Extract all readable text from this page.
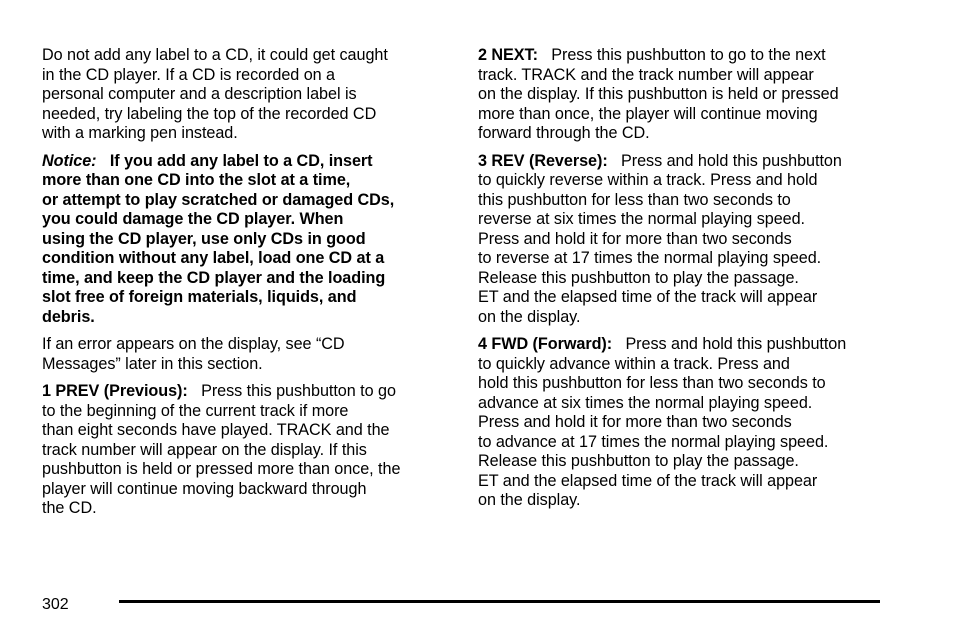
Do not add any label to a CD, it could get caught
in the CD player. If a CD is recorded on a
personal computer and a description label is
needed, try labeling the top of the recorded CD
with a marking pen instead.

Notice: If you add any label to a CD, insert
more than one CD into the slot at a time,
or attempt to play scratched or damaged CDs,
you could damage the CD player. When
using the CD player, use only CDs in good
condition without any label, load one CD at a
time, and keep the CD player and the loading
slot free of foreign materials, liquids, and
debris.

If an error appears on the display, see “CD
Messages” later in this section.

1 PREV (Previous): Press this pushbutton to go
to the beginning of the current track if more
than eight seconds have played. TRACK and the
track number will appear on the display. If this
pushbutton is held or pressed more than once, the
player will continue moving backward through
the CD.

2 NEXT: Press this pushbutton to go to the next
track. TRACK and the track number will appear
on the display. If this pushbutton is held or pressed
more than once, the player will continue moving
forward through the CD.

3 REV (Reverse): Press and hold this pushbutton
to quickly reverse within a track. Press and hold
this pushbutton for less than two seconds to
reverse at six times the normal playing speed.
Press and hold it for more than two seconds
to reverse at 17 times the normal playing speed.
Release this pushbutton to play the passage.
ET and the elapsed time of the track will appear
on the display.

4 FWD (Forward): Press and hold this pushbutton
to quickly advance within a track. Press and
hold this pushbutton for less than two seconds to
advance at six times the normal playing speed.
Press and hold it for more than two seconds
to advance at 17 times the normal playing speed.
Release this pushbutton to play the passage.
ET and the elapsed time of the track will appear
on the display.

302
